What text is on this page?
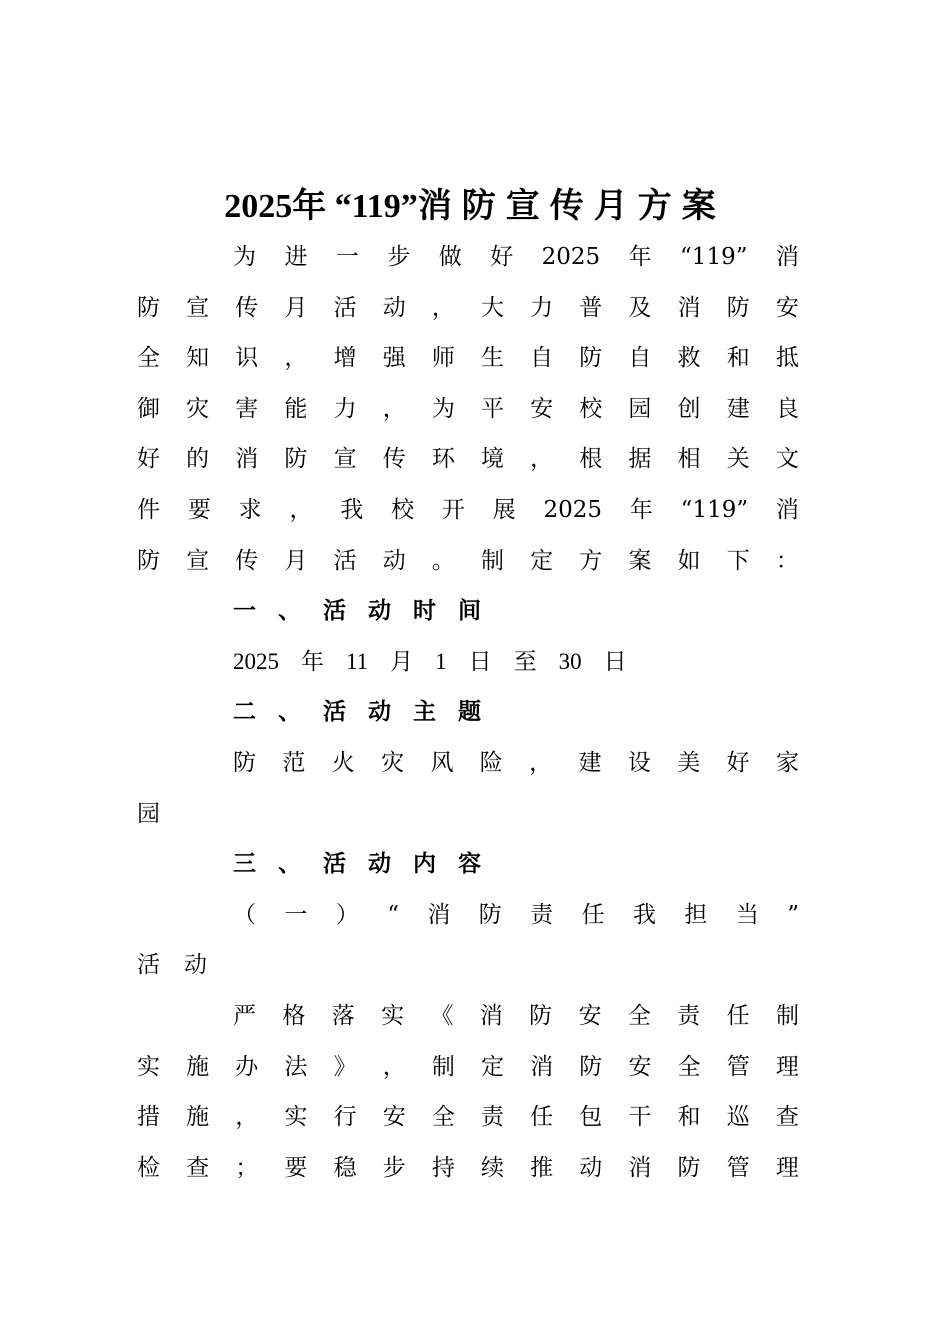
2025年 “119”消防宣传月方案
为 进 一 步 做 好 2025 年 “119” 消
防 宣 传 月 活 动 ， 大 力 普 及 消 防 安
全 知 识 ， 增 强 师 生 自 防 自 救 和 抵
御 灾 害 能 力 ， 为 平 安 校 园 创 建 良
好 的 消 防 宣 传 环 境 ， 根 据 相 关 文
件 要 求 ， 我 校 开 展 2025 年 “119” 消
防 宣 传 月 活 动 。 制 定 方 案 如 下 ：
一 、 活 动 时 间
2025 年 11 月 1 日 至 30 日
二 、 活 动 主 题
防 范 火 灾 风 险 ， 建 设 美 好 家
园
三 、 活 动 内 容
（ 一 ） “ 消 防 责 任 我 担 当 ”
活 动
严 格 落 实 《 消 防 安 全 责 任 制
实 施 办 法 》 ， 制 定 消 防 安 全 管 理
措 施 ， 实 行 安 全 责 任 包 干 和 巡 查
检 查 ； 要 稳 步 持 续 推 动 消 防 管 理
